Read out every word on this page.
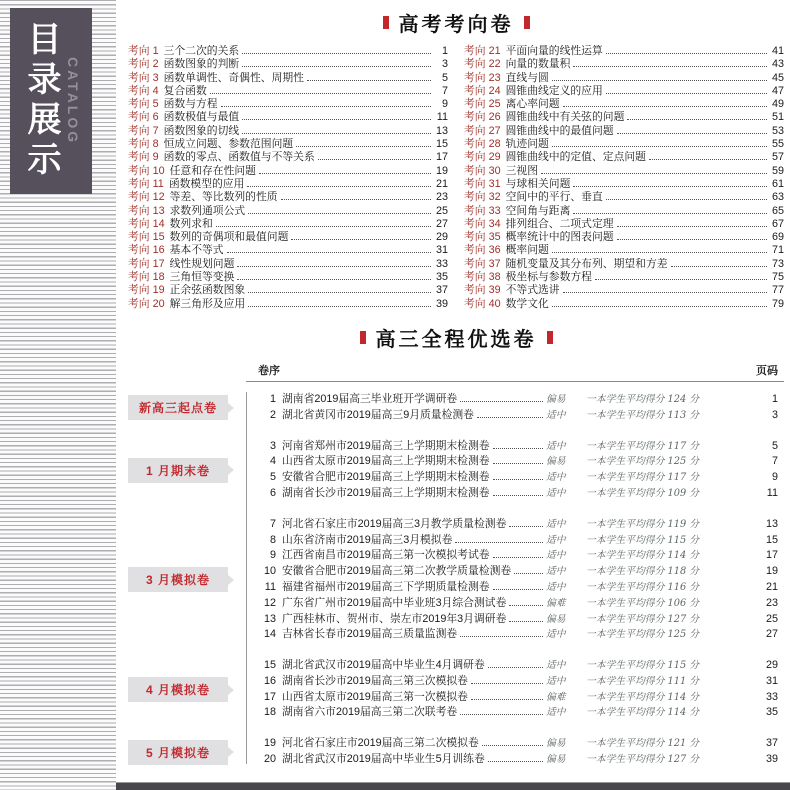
目录展示 CATALOG
高考考向卷
考向 1 三个二次的关系	1
考向 2 函数图象的判断	3
考向 3 函数单调性、奇偶性、周期性	5
考向 4 复合函数	7
考向 5 函数与方程	9
考向 6 函数极值与最值	11
考向 7 函数图象的切线	13
考向 8 恒成立问题、参数范围问题	15
考向 9 函数的零点、函数值与不等关系	17
考向 10 任意和存在性问题	19
考向 11 函数模型的应用	21
考向 12 等差、等比数列的性质	23
考向 13 求数列通项公式	25
考向 14 数列求和	27
考向 15 数列的奇偶项和最值问题	29
考向 16 基本不等式	31
考向 17 线性规划问题	33
考向 18 三角恒等变换	35
考向 19 正余弦函数图象	37
考向 20 解三角形及应用	39
考向 21 平面向量的线性运算	41
考向 22 向量的数量积	43
考向 23 直线与圆	45
考向 24 圆锥曲线定义的应用	47
考向 25 离心率问题	49
考向 26 圆锥曲线中有关弦的问题	51
考向 27 圆锥曲线中的最值问题	53
考向 28 轨迹问题	55
考向 29 圆锥曲线中的定值、定点问题	57
考向 30 三视图	59
考向 31 与球相关问题	61
考向 32 空间中的平行、垂直	63
考向 33 空间角与距离	65
考向 34 排列组合、二项式定理	67
考向 35 概率统计中的图表问题	69
考向 36 概率问题	71
考向 37 随机变量及其分布列、期望和方差	73
考向 38 极坐标与参数方程	75
考向 39 不等式选讲	77
考向 40 数学文化	79
高三全程优选卷
卷序	页码
新高三起点卷
1 湖南省2019届高三毕业班开学调研卷	偏易	一本学生平均得分 124 分	1
2 湖北省黄冈市2019届高三9月质量检测卷	适中	一本学生平均得分 113 分	3
1 月期末卷
3 河南省郑州市2019届高三上学期期末检测卷	适中	一本学生平均得分 117 分	5
4 山西省太原市2019届高三上学期期末检测卷	偏易	一本学生平均得分 125 分	7
5 安徽省合肥市2019届高三上学期期末检测卷	适中	一本学生平均得分 117 分	9
6 湖南省长沙市2019届高三上学期期末检测卷	适中	一本学生平均得分 109 分	11
3 月模拟卷
7 河北省石家庄市2019届高三3月教学质量检测卷	适中	一本学生平均得分 119 分	13
8 山东省济南市2019届高三3月模拟卷	适中	一本学生平均得分 115 分	15
9 江西省南昌市2019届高三第一次模拟考试卷	适中	一本学生平均得分 114 分	17
10 安徽省合肥市2019届高三第二次教学质量检测卷	适中	一本学生平均得分 118 分	19
11 福建省福州市2019届高三下学期质量检测卷	适中	一本学生平均得分 116 分	21
12 广东省广州市2019届高中毕业班3月综合测试卷	偏难	一本学生平均得分 106 分	23
13 广西桂林市、贺州市、崇左市2019年3月调研卷	偏易	一本学生平均得分 127 分	25
14 吉林省长春市2019届高三质量监测卷	适中	一本学生平均得分 125 分	27
4 月模拟卷
15 湖北省武汉市2019届高中毕业生4月调研卷	适中	一本学生平均得分 115 分	29
16 湖南省长沙市2019届高三第三次模拟卷	适中	一本学生平均得分 111 分	31
17 山西省太原市2019届高三第一次模拟卷	偏难	一本学生平均得分 114 分	33
18 湖南省六市2019届高三第二次联考卷	适中	一本学生平均得分 114 分	35
5 月模拟卷
19 河北省石家庄市2019届高三第二次模拟卷	偏易	一本学生平均得分 121 分	37
20 湖北省武汉市2019届高中毕业生5月训练卷	偏易	一本学生平均得分 127 分	39
